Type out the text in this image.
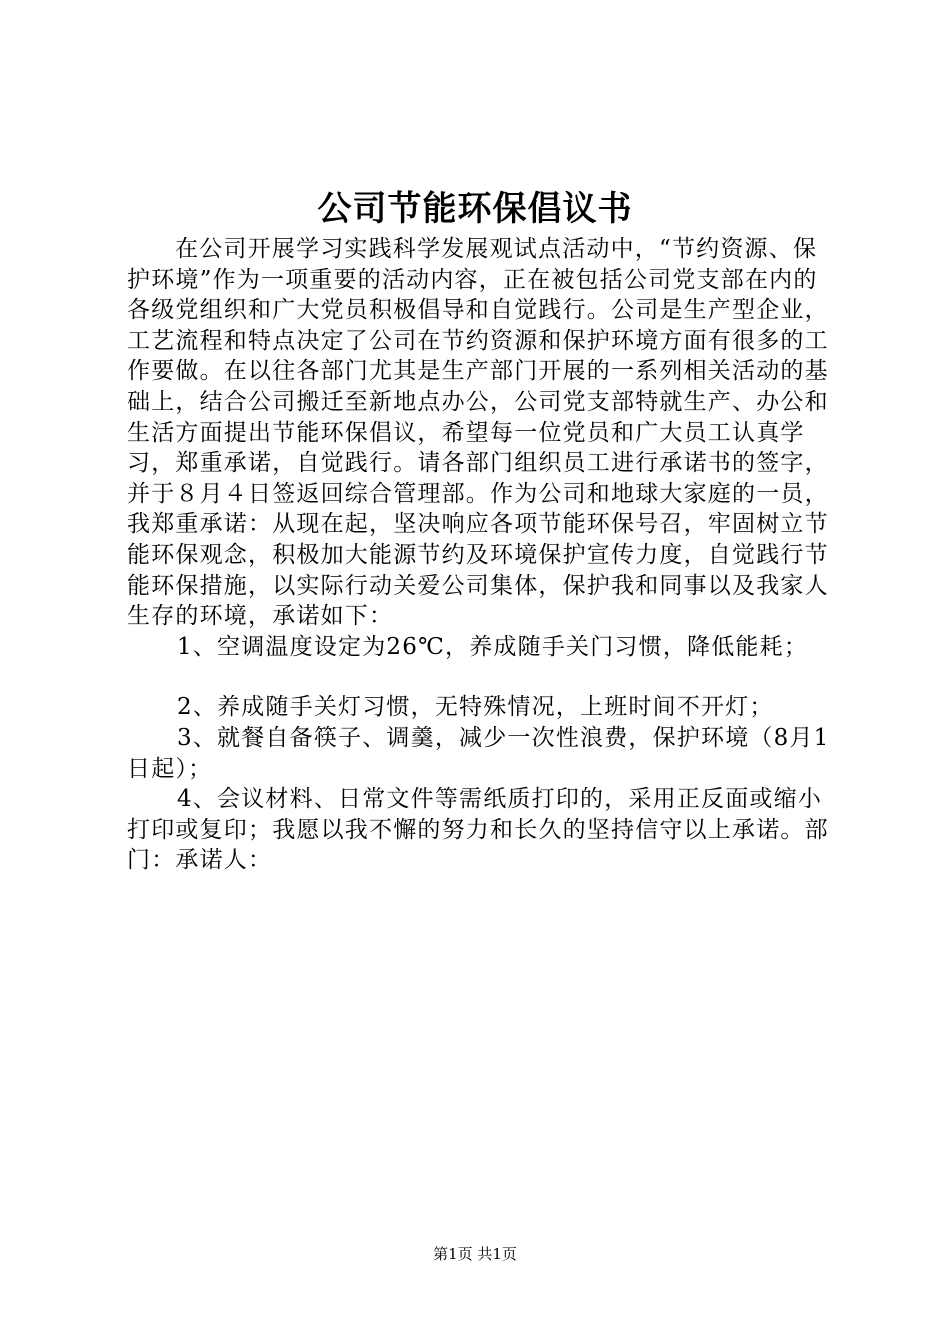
公司节能环保倡议书

在公司开展学习实践科学发展观试点活动中，“节约资源、保护环境”作为一项重要的活动内容，正在被包括公司党支部在内的各级党组织和广大党员积极倡导和自觉践行。公司是生产型企业，工艺流程和特点决定了公司在节约资源和保护环境方面有很多的工作要做。在以往各部门尤其是生产部门开展的一系列相关活动的基础上，结合公司搬迁至新地点办公，公司党支部特就生产、办公和生活方面提出节能环保倡议，希望每一位党员和广大员工认真学习，郑重承诺，自觉践行。请各部门组织员工进行承诺书的签字，并于８月４日签返回综合管理部。作为公司和地球大家庭的一员，我郑重承诺：从现在起，坚决响应各项节能环保号召，牢固树立节能环保观念，积极加大能源节约及环境保护宣传力度，自觉践行节能环保措施，以实际行动关爱公司集体，保护我和同事以及我家人生存的环境，承诺如下：

1、空调温度设定为26℃，养成随手关门习惯，降低能耗；

2、养成随手关灯习惯，无特殊情况，上班时间不开灯；

3、就餐自备筷子、调羹，减少一次性浪费，保护环境（8月1日起）；

4、会议材料、日常文件等需纸质打印的，采用正反面或缩小打印或复印；我愿以我不懈的努力和长久的坚持信守以上承诺。部门：承诺人：

第1页 共1页
